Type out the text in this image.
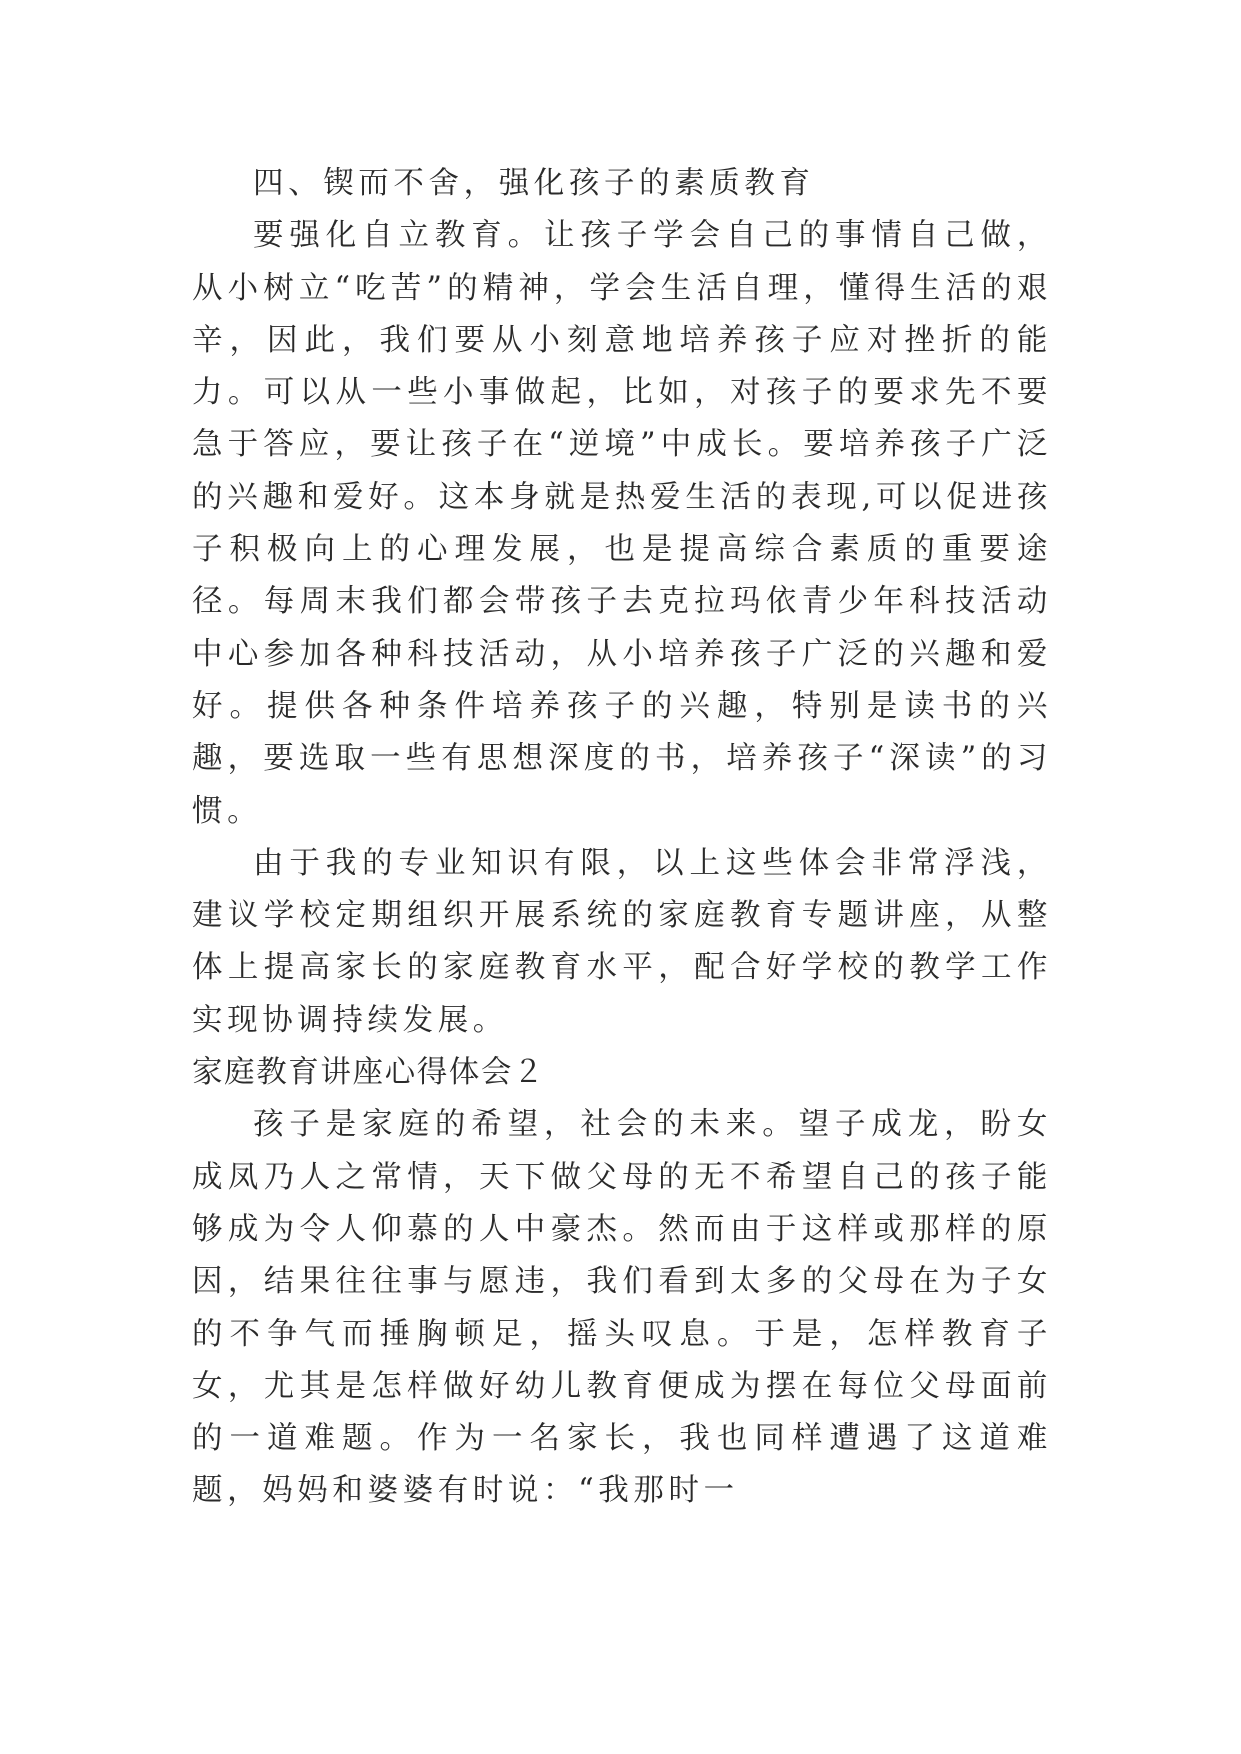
四、锲而不舍，强化孩子的素质教育

要强化自立教育。让孩子学会自己的事情自己做，从小树立“吃苦”的精神，学会生活自理，懂得生活的艰辛，因此，我们要从小刻意地培养孩子应对挫折的能力。可以从一些小事做起，比如，对孩子的要求先不要急于答应，要让孩子在“逆境”中成长。要培养孩子广泛的兴趣和爱好。这本身就是热爱生活的表现,可以促进孩子积极向上的心理发展，也是提高综合素质的重要途径。每周末我们都会带孩子去克拉玛依青少年科技活动中心参加各种科技活动，从小培养孩子广泛的兴趣和爱好。提供各种条件培养孩子的兴趣，特别是读书的兴趣，要选取一些有思想深度的书，培养孩子“深读”的习惯。

由于我的专业知识有限，以上这些体会非常浮浅，建议学校定期组织开展系统的家庭教育专题讲座，从整体上提高家长的家庭教育水平，配合好学校的教学工作实现协调持续发展。

家庭教育讲座心得体会２

孩子是家庭的希望，社会的未来。望子成龙，盼女成凤乃人之常情，天下做父母的无不希望自己的孩子能够成为令人仰慕的人中豪杰。然而由于这样或那样的原因，结果往往事与愿违，我们看到太多的父母在为子女的不争气而捶胸顿足，摇头叹息。于是，怎样教育子女，尤其是怎样做好幼儿教育便成为摆在每位父母面前的一道难题。作为一名家长，我也同样遭遇了这道难题，妈妈和婆婆有时说：“我那时一
